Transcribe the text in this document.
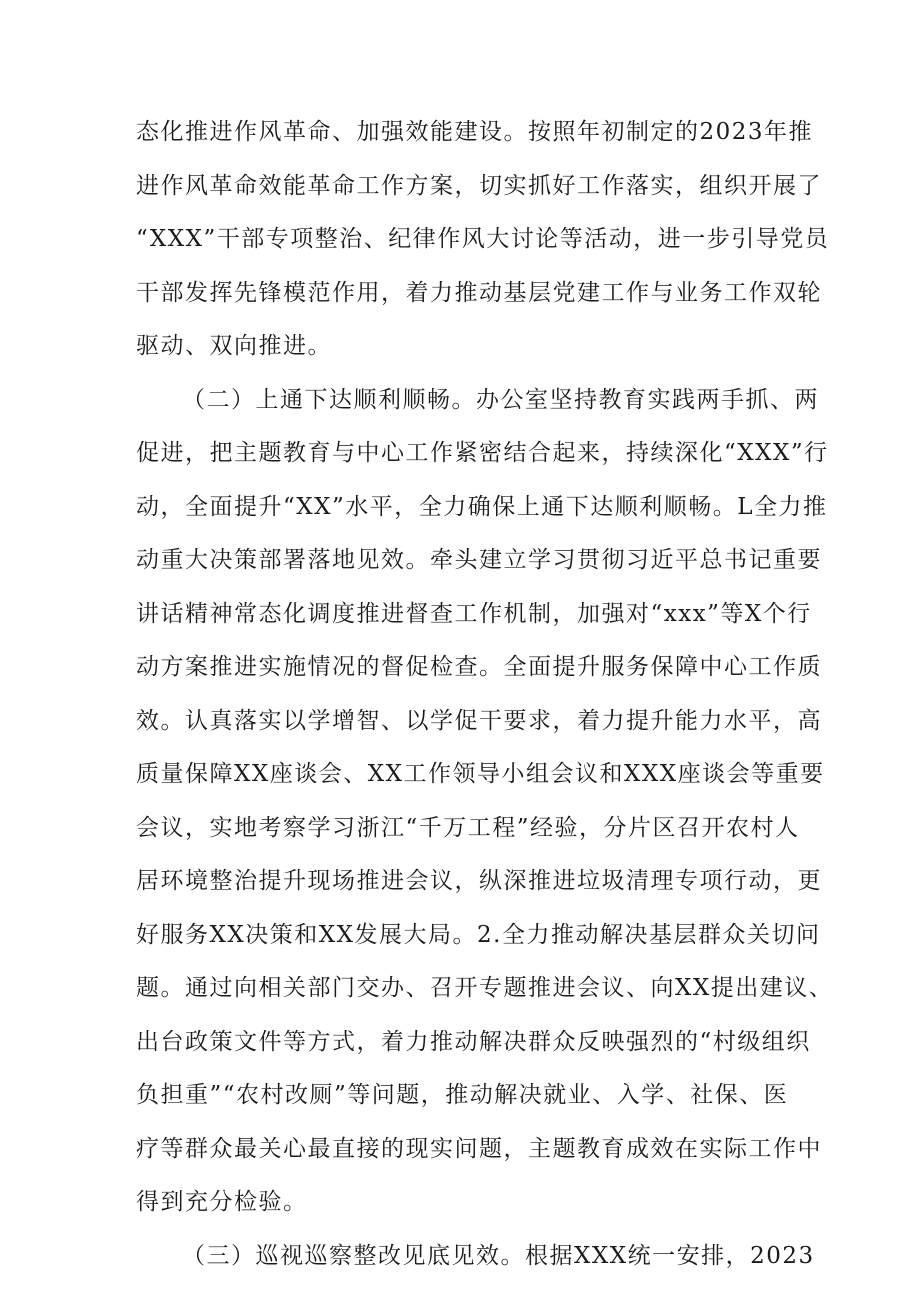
态化推进作风革命、加强效能建设。按照年初制定的2023年推
进作风革命效能革命工作方案，切实抓好工作落实，组织开展了
“XXX”干部专项整治、纪律作风大讨论等活动，进一步引导党员
干部发挥先锋模范作用，着力推动基层党建工作与业务工作双轮
驱动、双向推进。
（二）上通下达顺利顺畅。办公室坚持教育实践两手抓、两
促进，把主题教育与中心工作紧密结合起来，持续深化“XXX”行
动，全面提升“XX”水平，全力确保上通下达顺利顺畅。L全力推
动重大决策部署落地见效。牵头建立学习贯彻习近平总书记重要
讲话精神常态化调度推进督查工作机制，加强对“xxx”等X个行
动方案推进实施情况的督促检查。全面提升服务保障中心工作质
效。认真落实以学增智、以学促干要求，着力提升能力水平，高
质量保障XX座谈会、XX工作领导小组会议和XXX座谈会等重要
会议，实地考察学习浙江“千万工程”经验，分片区召开农村人
居环境整治提升现场推进会议，纵深推进垃圾清理专项行动，更
好服务XX决策和XX发展大局。2.全力推动解决基层群众关切问
题。通过向相关部门交办、召开专题推进会议、向XX提出建议、
出台政策文件等方式，着力推动解决群众反映强烈的“村级组织
负担重”“农村改厕”等问题，推动解决就业、入学、社保、医
疗等群众最关心最直接的现实问题，主题教育成效在实际工作中
得到充分检验。
（三）巡视巡察整改见底见效。根据XXX统一安排，2023
